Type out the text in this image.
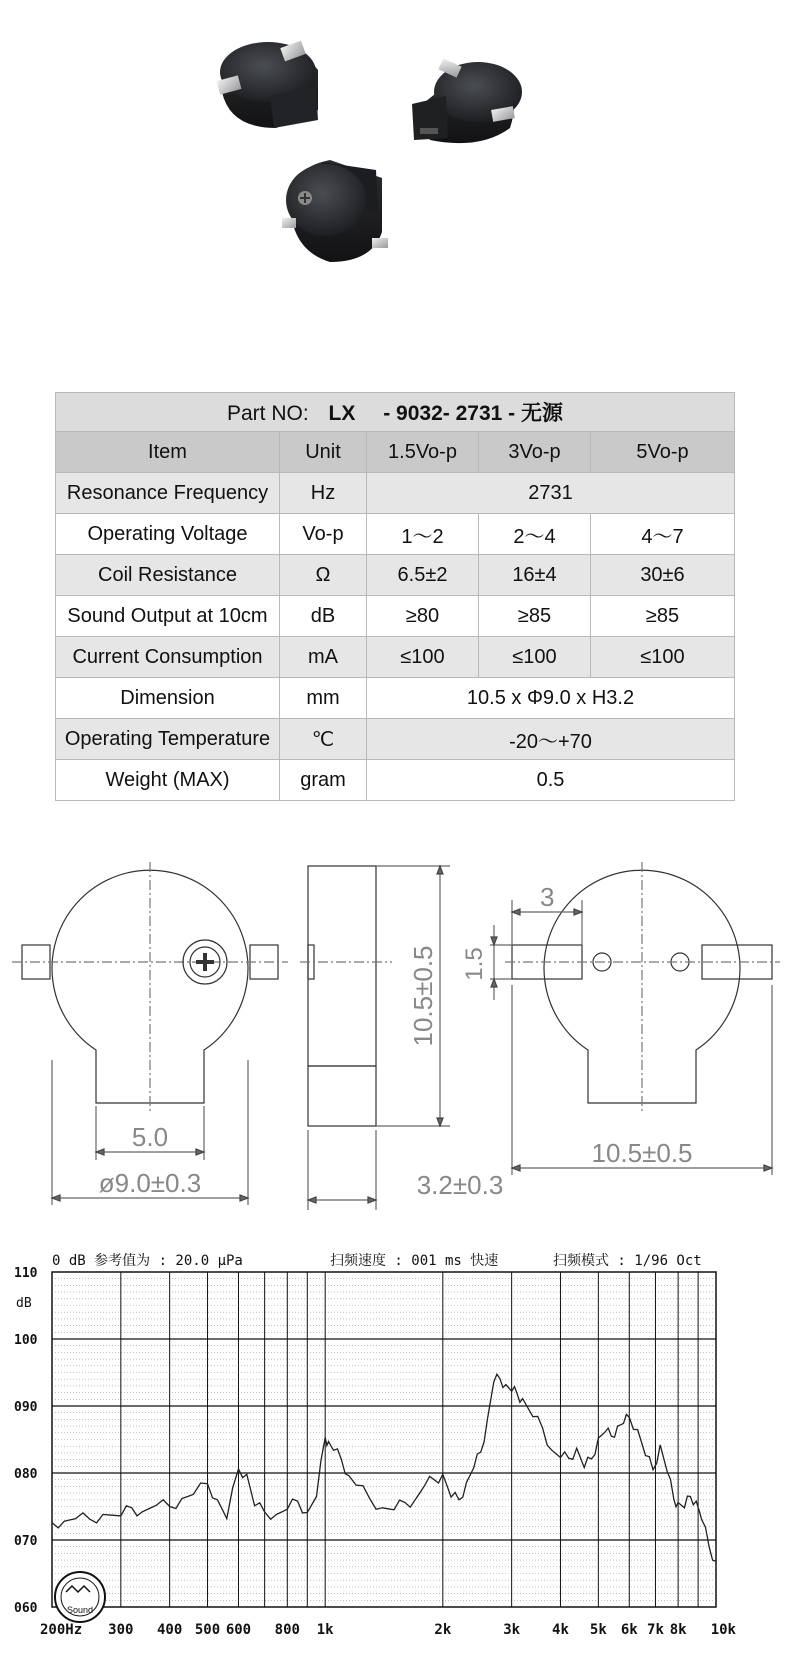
Part NO: LX - 9032- 2731 - 无源				
Item	Unit	1.5Vo-p	3Vo-p	5Vo-p
Resonance Frequency	Hz	2731		
Operating Voltage	Vo-p	1～2	2～4	4～7
Coil Resistance	Ω	6.5±2	16±4	30±6
Sound Output at 10cm	dB	≥80	≥85	≥85
Current Consumption	mA	≤100	≤100	≤100
Dimension	mm	10.5 x Φ9.0 x H3.2		
Operating Temperature	℃	-20～+70		
Weight (MAX)	gram	0.5		
5.0
ø9.0±0.3
10.5±0.5
3.2±0.3
3
1.5
10.5±0.5
0 dB 参考值为 : 20.0 μPa	扫频速度 : 001 ms 快速	扫频模式 : 1/96 Oct
dB
110
100
090
080
070
060
200Hz 300 400 500 600 800 1k	2k	3k 4k 5k 6k 7k 8k 10k
Sound
